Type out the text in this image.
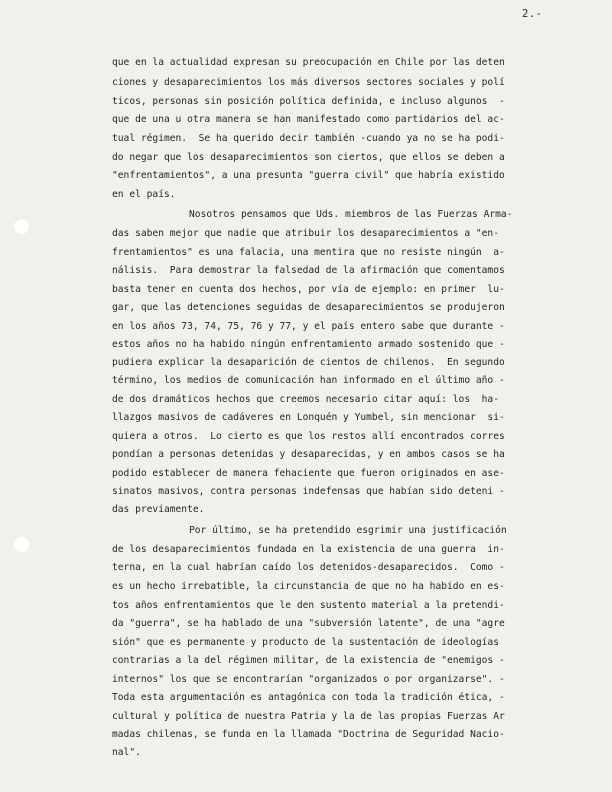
2.-
que en la actualidad expresan su preocupación en Chile por las deten
ciones y desaparecimientos los más diversos sectores sociales y polí
ticos, personas sin posición política definida, e incluso algunos  -
que de una u otra manera se han manifestado como partidarios del ac-
tual régimen.  Se ha querido decir también -cuando ya no se ha podi-
do negar que los desaparecimientos son ciertos, que ellos se deben a
"enfrentamientos", a una presunta "guerra civil" que habría existido
en el país.
Nosotros pensamos que Uds. miembros de las Fuerzas Arma-
das saben mejor que nadie que atribuir los desaparecimientos a "en-
frentamientos" es una falacia, una mentira que no resiste ningún  a-
nálisis.  Para demostrar la falsedad de la afirmación que comentamos
basta tener en cuenta dos hechos, por vía de ejemplo: en primer  lu-
gar, que las detenciones seguidas de desaparecimientos se produjeron
en los años 73, 74, 75, 76 y 77, y el país entero sabe que durante -
estos años no ha habido ningún enfrentamiento armado sostenido que -
pudiera explicar la desaparición de cientos de chilenos.  En segundo
término, los medios de comunicación han informado en el último año -
de dos dramáticos hechos que creemos necesario citar aquí: los  ha-
llazgos masivos de cadáveres en Lonquén y Yumbel, sin mencionar  si-
quiera a otros.  Lo cierto es que los restos allí encontrados corres
pondían a personas detenidas y desaparecidas, y en ambos casos se ha
podido establecer de manera fehaciente que fueron originados en ase-
sinatos masivos, contra personas indefensas que habían sido deteni -
das previamente.
Por último, se ha pretendido esgrimir una justificación
de los desaparecimientos fundada en la existencia de una guerra  in-
terna, en la cual habrían caído los detenidos-desaparecidos.  Como -
es un hecho irrebatible, la circunstancia de que no ha habido en es-
tos años enfrentamientos que le den sustento material a la pretendi-
da "guerra", se ha hablado de una "subversión latente", de una "agre
sión" que es permanente y producto de la sustentación de ideologías
contrarias a la del régimen militar, de la existencia de "enemigos -
internos" los que se encontrarían "organizados o por organizarse". -
Toda esta argumentación es antagónica con toda la tradición ética, -
cultural y política de nuestra Patria y la de las propias Fuerzas Ar
madas chilenas, se funda en la llamada "Doctrina de Seguridad Nacio-
nal".
